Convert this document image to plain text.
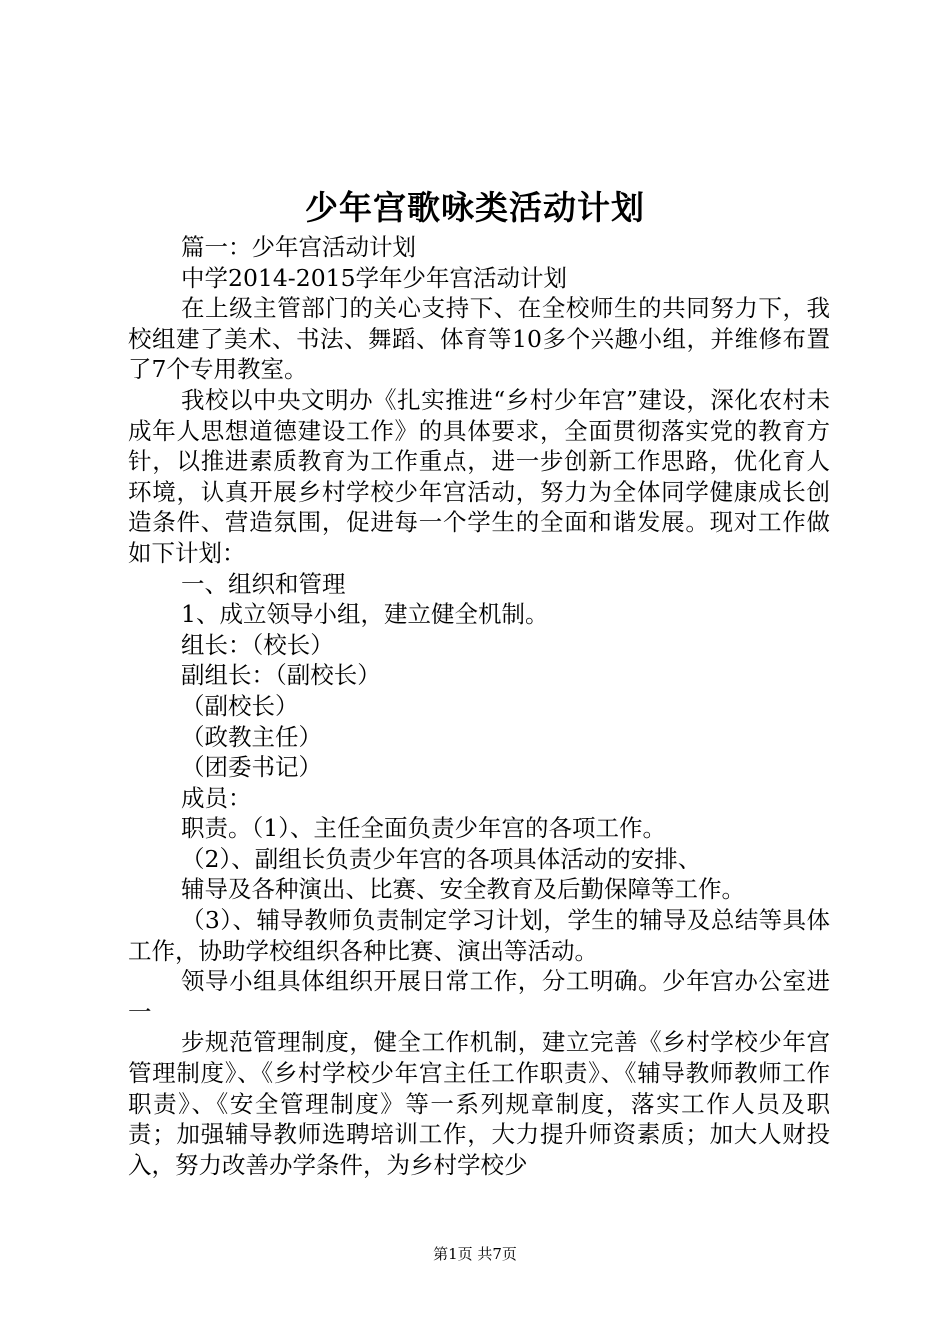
少年宫歌咏类活动计划

篇一：少年宫活动计划

中学2014-2015学年少年宫活动计划

在上级主管部门的关心支持下、在全校师生的共同努力下，我校组建了美术、书法、舞蹈、体育等10多个兴趣小组，并维修布置了7个专用教室。

我校以中央文明办《扎实推进“乡村少年宫”建设，深化农村未成年人思想道德建设工作》的具体要求，全面贯彻落实党的教育方针，以推进素质教育为工作重点，进一步创新工作思路，优化育人环境，认真开展乡村学校少年宫活动，努力为全体同学健康成长创造条件、营造氛围，促进每一个学生的全面和谐发展。现对工作做如下计划：

一、组织和管理

1、成立领导小组，建立健全机制。

组长：（校长）

副组长：（副校长）

（副校长）

（政教主任）

（团委书记）

成员：

职责。（1）、主任全面负责少年宫的各项工作。

（2）、副组长负责少年宫的各项具体活动的安排、

辅导及各种演出、比赛、安全教育及后勤保障等工作。

（3）、辅导教师负责制定学习计划，学生的辅导及总结等具体工作，协助学校组织各种比赛、演出等活动。

领导小组具体组织开展日常工作，分工明确。少年宫办公室进一

步规范管理制度，健全工作机制，建立完善《乡村学校少年宫管理制度》、《乡村学校少年宫主任工作职责》、《辅导教师教师工作职责》、《安全管理制度》等一系列规章制度，落实工作人员及职责；加强辅导教师选聘培训工作，大力提升师资素质；加大人财投入，努力改善办学条件，为乡村学校少

第1页 共7页
